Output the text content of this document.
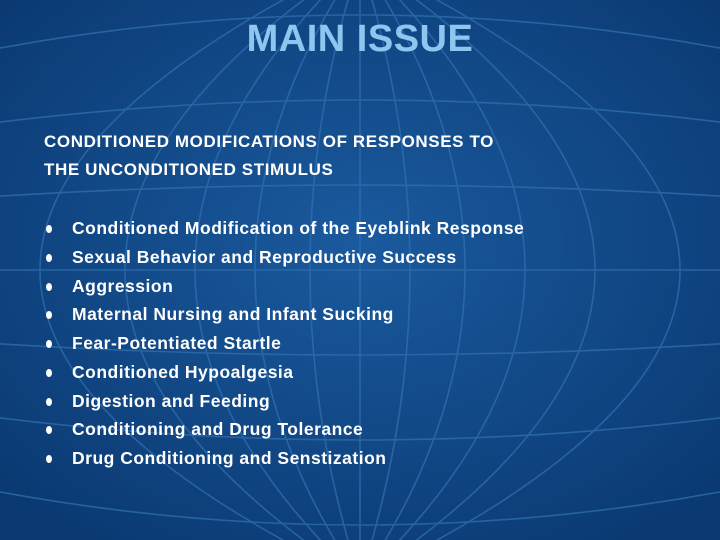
MAIN ISSUE
CONDITIONED MODIFICATIONS OF RESPONSES TO
THE UNCONDITIONED STIMULUS
Conditioned Modification of the Eyeblink Response
Sexual Behavior and Reproductive Success
Aggression
Maternal Nursing and Infant Sucking
Fear-Potentiated Startle
Conditioned Hypoalgesia
Digestion and Feeding
Conditioning and Drug Tolerance
Drug Conditioning and Senstization
